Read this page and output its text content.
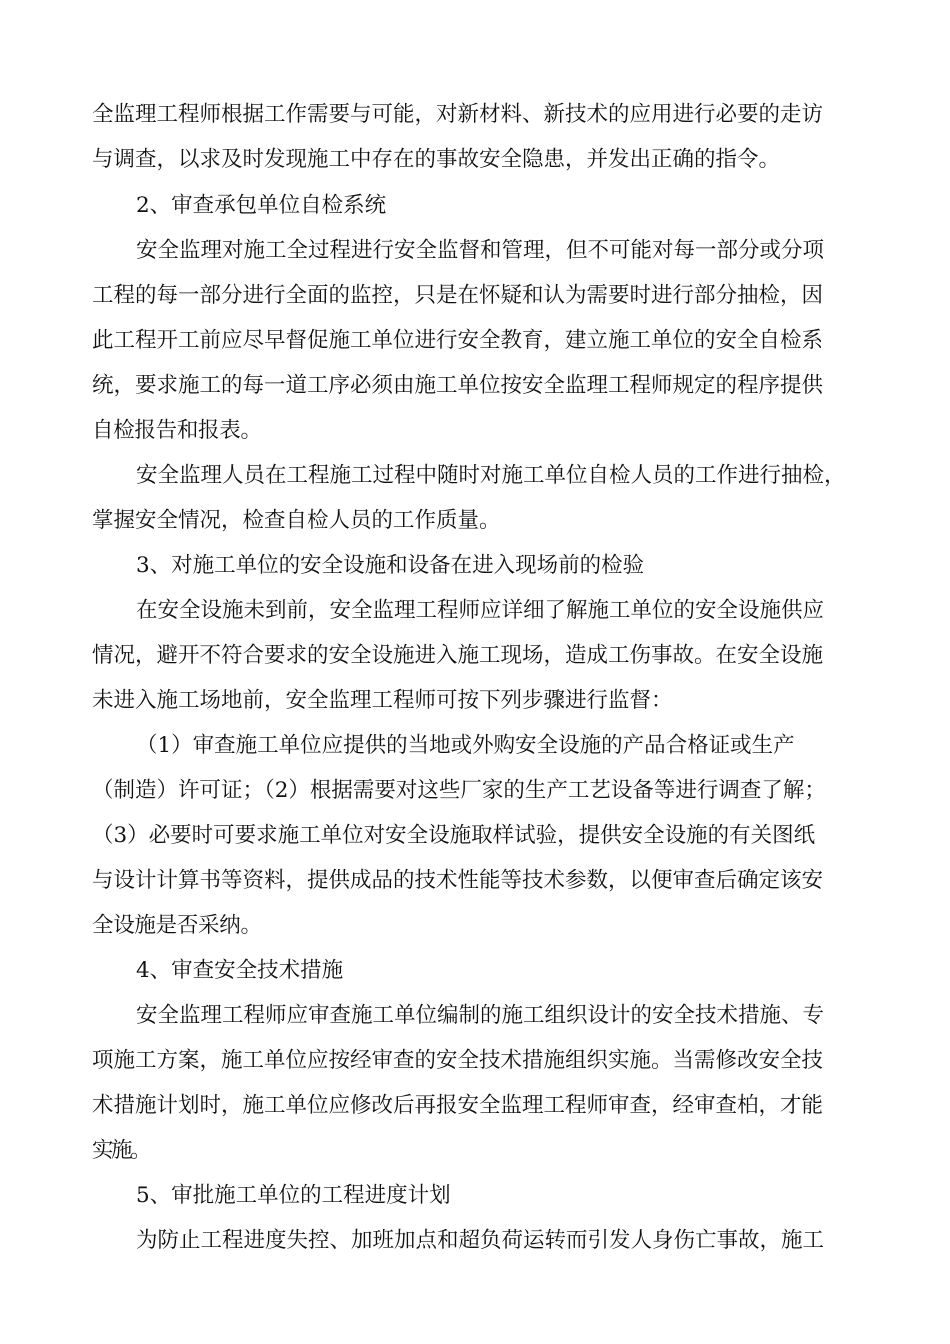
全监理工程师根据工作需要与可能，对新材料、新技术的应用进行必要的走访
与调查，以求及时发现施工中存在的事故安全隐患，并发出正确的指令。
2、审查承包单位自检系统
安全监理对施工全过程进行安全监督和管理，但不可能对每一部分或分项
工程的每一部分进行全面的监控，只是在怀疑和认为需要时进行部分抽检，因
此工程开工前应尽早督促施工单位进行安全教育，建立施工单位的安全自检系
统，要求施工的每一道工序必须由施工单位按安全监理工程师规定的程序提供
自检报告和报表。
安全监理人员在工程施工过程中随时对施工单位自检人员的工作进行抽检，
掌握安全情况，检查自检人员的工作质量。
3、对施工单位的安全设施和设备在进入现场前的检验
在安全设施未到前，安全监理工程师应详细了解施工单位的安全设施供应
情况，避开不符合要求的安全设施进入施工现场，造成工伤事故。在安全设施
未进入施工场地前，安全监理工程师可按下列步骤进行监督：
（1）审查施工单位应提供的当地或外购安全设施的产品合格证或生产
（制造）许可证；（2）根据需要对这些厂家的生产工艺设备等进行调查了解；
（3）必要时可要求施工单位对安全设施取样试验，提供安全设施的有关图纸
与设计计算书等资料，提供成品的技术性能等技术参数，以便审查后确定该安
全设施是否采纳。
4、审查安全技术措施
安全监理工程师应审查施工单位编制的施工组织设计的安全技术措施、专
项施工方案，施工单位应按经审查的安全技术措施组织实施。当需修改安全技
术措施计划时，施工单位应修改后再报安全监理工程师审查，经审查柏，才能
实施。
5、审批施工单位的工程进度计划
为防止工程进度失控、加班加点和超负荷运转而引发人身伤亡事故，施工
